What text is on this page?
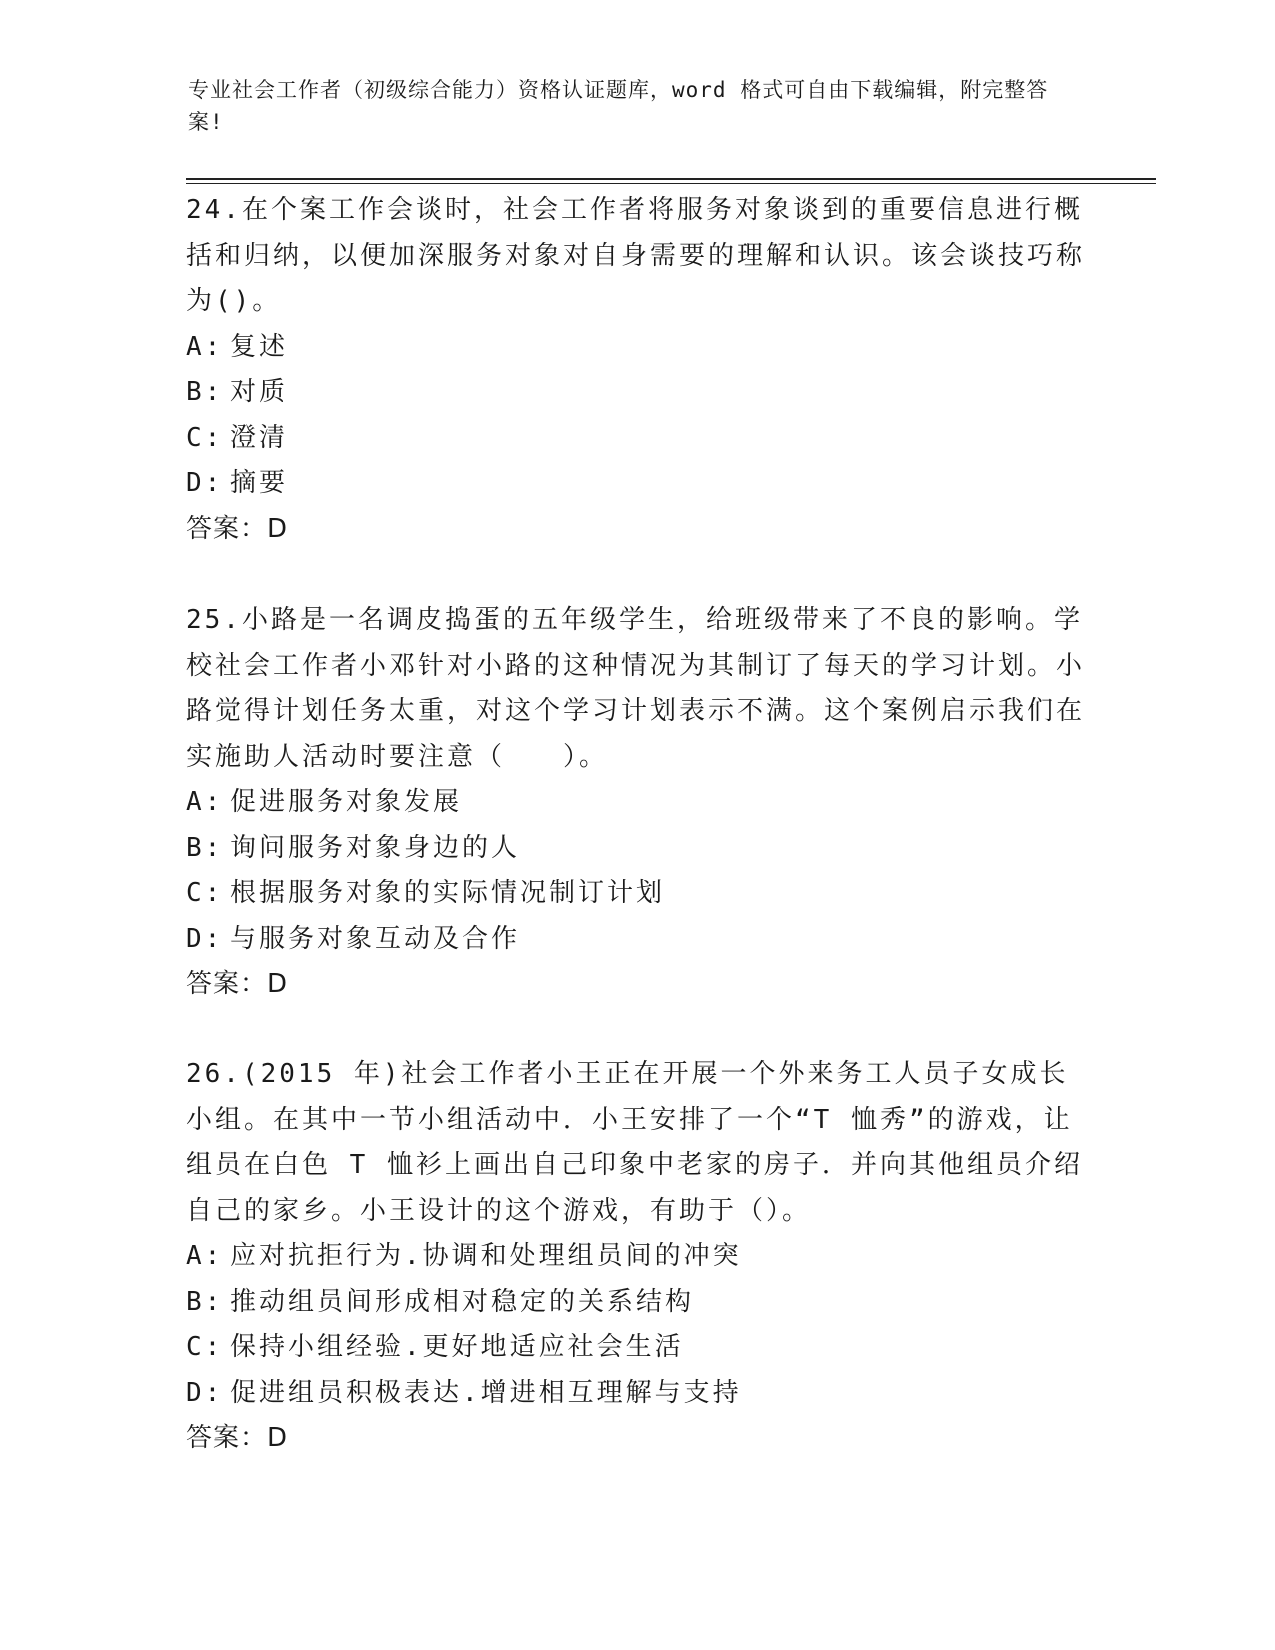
专业社会工作者（初级综合能力）资格认证题库，word 格式可自由下载编辑，附完整答案!

24.在个案工作会谈时，社会工作者将服务对象谈到的重要信息进行概括和归纳，以便加深服务对象对自身需要的理解和认识。该会谈技巧称为()。

A: 复述

B: 对质

C: 澄清

D: 摘要

答案：D

25.小路是一名调皮捣蛋的五年级学生，给班级带来了不良的影响。学校社会工作者小邓针对小路的这种情况为其制订了每天的学习计划。小路觉得计划任务太重，对这个学习计划表示不满。这个案例启示我们在实施助人活动时要注意（　　）。

A: 促进服务对象发展

B: 询问服务对象身边的人

C: 根据服务对象的实际情况制订计划

D: 与服务对象互动及合作

答案：D

26.(2015 年)社会工作者小王正在开展一个外来务工人员子女成长小组。在其中一节小组活动中．小王安排了一个“T 恤秀”的游戏，让组员在白色 T 恤衫上画出自己印象中老家的房子．并向其他组员介绍自己的家乡。小王设计的这个游戏，有助于（）。

A: 应对抗拒行为.协调和处理组员间的冲突

B: 推动组员间形成相对稳定的关系结构

C: 保持小组经验.更好地适应社会生活

D: 促进组员积极表达.增进相互理解与支持

答案：D
